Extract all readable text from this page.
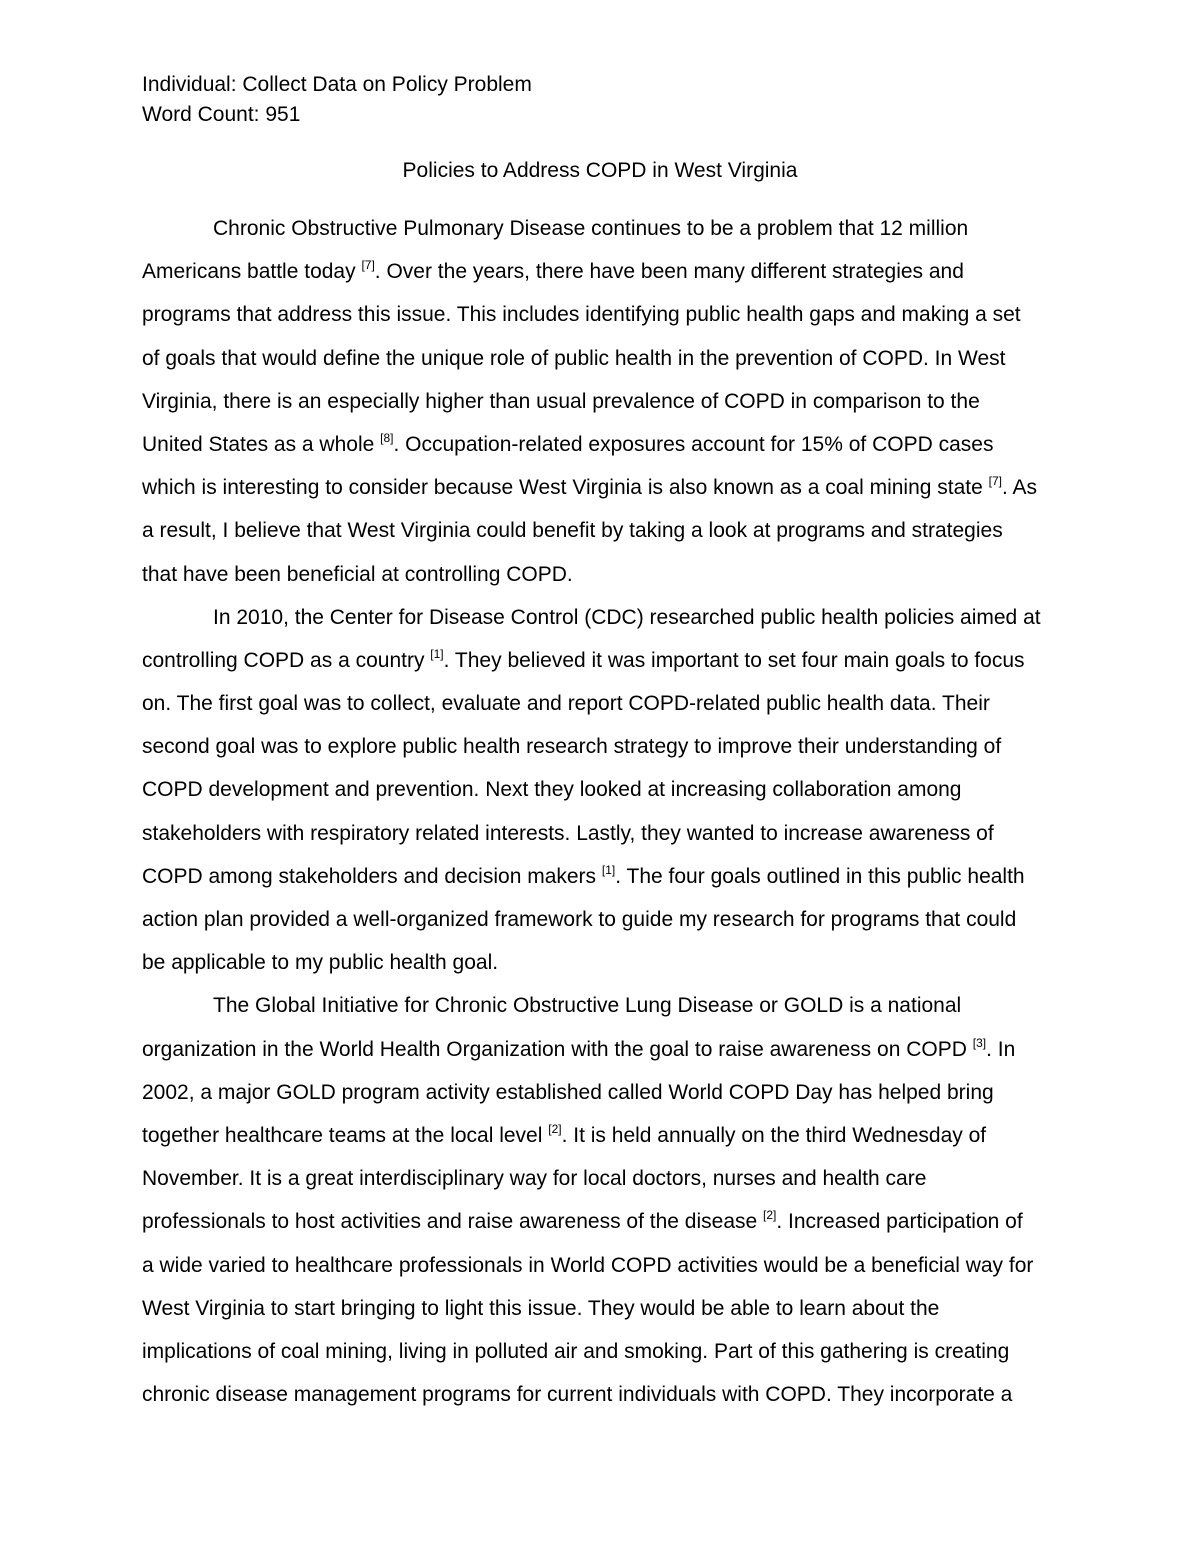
Individual: Collect Data on Policy Problem
Word Count: 951
Policies to Address COPD in West Virginia
Chronic Obstructive Pulmonary Disease continues to be a problem that 12 million
Americans battle today [7]. Over the years, there have been many different strategies and
programs that address this issue. This includes identifying public health gaps and making a set
of goals that would define the unique role of public health in the prevention of COPD. In West
Virginia, there is an especially higher than usual prevalence of COPD in comparison to the
United States as a whole [8]. Occupation-related exposures account for 15% of COPD cases
which is interesting to consider because West Virginia is also known as a coal mining state [7]. As
a result, I believe that West Virginia could benefit by taking a look at programs and strategies
that have been beneficial at controlling COPD.
In 2010, the Center for Disease Control (CDC) researched public health policies aimed at
controlling COPD as a country [1]. They believed it was important to set four main goals to focus
on. The first goal was to collect, evaluate and report COPD-related public health data. Their
second goal was to explore public health research strategy to improve their understanding of
COPD development and prevention. Next they looked at increasing collaboration among
stakeholders with respiratory related interests. Lastly, they wanted to increase awareness of
COPD among stakeholders and decision makers [1]. The four goals outlined in this public health
action plan provided a well-organized framework to guide my research for programs that could
be applicable to my public health goal.
The Global Initiative for Chronic Obstructive Lung Disease or GOLD is a national
organization in the World Health Organization with the goal to raise awareness on COPD [3]. In
2002, a major GOLD program activity established called World COPD Day has helped bring
together healthcare teams at the local level [2]. It is held annually on the third Wednesday of
November. It is a great interdisciplinary way for local doctors, nurses and health care
professionals to host activities and raise awareness of the disease [2]. Increased participation of
a wide varied to healthcare professionals in World COPD activities would be a beneficial way for
West Virginia to start bringing to light this issue. They would be able to learn about the
implications of coal mining, living in polluted air and smoking. Part of this gathering is creating
chronic disease management programs for current individuals with COPD. They incorporate a
